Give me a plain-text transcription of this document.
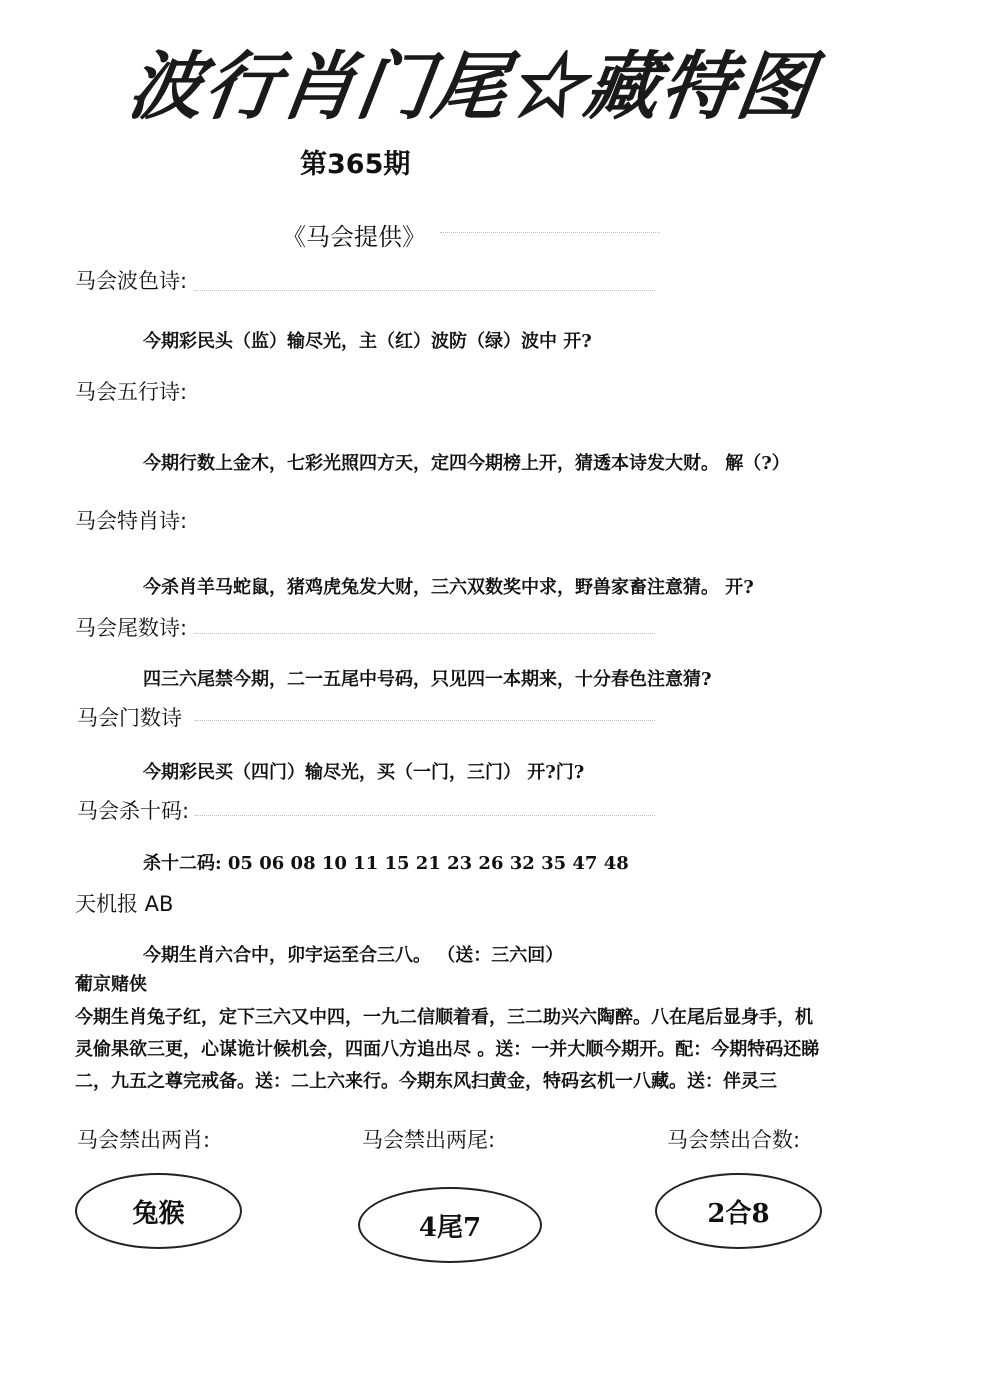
波行肖门尾☆藏特图
第365期
《马会提供》
马会波色诗:
今期彩民头（监）输尽光，主（红）波防（绿）波中 开?
马会五行诗:
今期行数上金木，七彩光照四方天，定四今期榜上开，猜透本诗发大财。 解（?）
马会特肖诗:
今杀肖羊马蛇鼠，猪鸡虎兔发大财，三六双数奖中求，野兽家畜注意猜。 开?
马会尾数诗:
四三六尾禁今期，二一五尾中号码，只见四一本期来，十分春色注意猜?
马会门数诗
今期彩民买（四门）输尽光，买（一门，三门） 开?门?
马会杀十码:
杀十二码: 05 06 08 10 11 15 21 23 26 32 35 47 48
天机报 AB
今期生肖六合中，卯宇运至合三八。 （送：三六回）
葡京赌侠
今期生肖兔子红，定下三六又中四，一九二信顺着看，三二助兴六陶醉。八在尾后显身手，机
灵偷果欲三更，心谋诡计候机会，四面八方追出尽 。送：一并大顺今期开。配：今期特码还睇
二，九五之尊完戒备。送：二上六来行。今期东风扫黄金，特码玄机一八藏。送：伴灵三
马会禁出两肖:	马会禁出两尾:	马会禁出合数:
兔猴	4尾7	2合8
